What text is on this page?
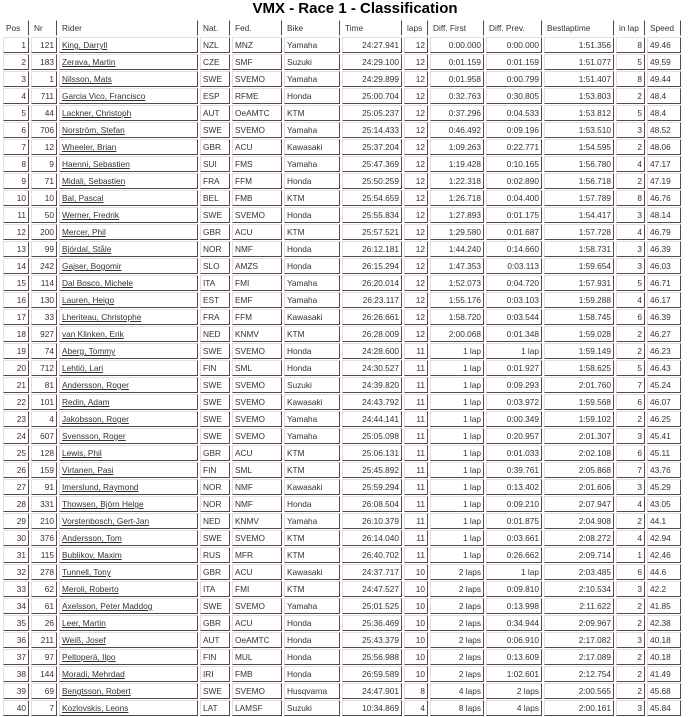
VMX - Race 1 - Classification
Pos	Nr	Rider	Nat.	Fed.	Bike	Time	laps	Diff. First	Diff. Prev.	Bestlaptime	in lap	Speed
1	121	King, Darryll	NZL	MNZ	Yamaha	24:27.941	12	0:00.000	0:00.000	1:51.356	8	49.46
2	183	Zerava, Martin	CZE	SMF	Suzuki	24:29.100	12	0:01.159	0:01.159	1:51.077	5	49.59
3	1	Nilsson, Mats	SWE	SVEMO	Yamaha	24:29.899	12	0:01.958	0:00.799	1:51.407	8	49.44
4	711	Garcia Vico, Francisco	ESP	RFME	Honda	25:00.704	12	0:32.763	0:30.805	1:53.803	2	48.4
5	44	Lackner, Christoph	AUT	OeAMTC	KTM	25:05.237	12	0:37.296	0:04.533	1:53.812	5	48.4
6	706	Norström, Stefan	SWE	SVEMO	Yamaha	25:14.433	12	0:46.492	0:09.196	1:53.510	3	48.52
7	12	Wheeler, Brian	GBR	ACU	Kawasaki	25:37.204	12	1:09.263	0:22.771	1:54.595	2	48.06
8	9	Haenni, Sebastien	SUI	FMS	Yamaha	25:47.369	12	1:19.428	0:10.165	1:56.780	4	47.17
9	71	Midali, Sebastien	FRA	FFM	Honda	25:50.259	12	1:22.318	0:02.890	1:56.718	2	47.19
10	10	Bal, Pascal	BEL	FMB	KTM	25:54.659	12	1:26.718	0:04.400	1:57.789	8	46.76
11	50	Werner, Fredrik	SWE	SVEMO	Honda	25:55.834	12	1:27.893	0:01.175	1:54.417	3	48.14
12	200	Mercer, Phil	GBR	ACU	KTM	25:57.521	12	1:29.580	0:01.687	1:57.728	4	46.79
13	99	Björdal, Ståle	NOR	NMF	Honda	26:12.181	12	1:44.240	0:14.660	1:58.731	3	46.39
14	242	Gajser, Bogomir	SLO	AMZS	Honda	26:15.294	12	1:47.353	0:03.113	1:59.654	3	46.03
15	114	Dal Bosco, Michele	ITA	FMI	Yamaha	26:20.014	12	1:52.073	0:04.720	1:57.931	5	46.71
16	130	Lauren, Heigo	EST	EMF	Yamaha	26:23.117	12	1:55.176	0:03.103	1:59.288	4	46.17
17	33	Lheriteau, Christophe	FRA	FFM	Kawasaki	26:26.661	12	1:58.720	0:03.544	1:58.745	6	46.39
18	927	van Klinken, Erik	NED	KNMV	KTM	26:28.009	12	2:00.068	0:01.348	1:59.028	2	46.27
19	74	Aberg, Tommy	SWE	SVEMO	Honda	24:28.600	11	1 lap	1 lap	1:59.149	2	46.23
20	712	Lehtiö, Lari	FIN	SML	Honda	24:30.527	11	1 lap	0:01.927	1:58.625	5	46.43
21	81	Andersson, Roger	SWE	SVEMO	Suzuki	24:39.820	11	1 lap	0:09.293	2:01.760	7	45.24
22	101	Redin, Adam	SWE	SVEMO	Kawasaki	24:43.792	11	1 lap	0:03.972	1:59.568	6	46.07
23	4	Jakobsson, Roger	SWE	SVEMO	Yamaha	24:44.141	11	1 lap	0:00.349	1:59.102	2	46.25
24	607	Svensson, Roger	SWE	SVEMO	Yamaha	25:05.098	11	1 lap	0:20.957	2:01.307	3	45.41
25	128	Lewis, Phil	GBR	ACU	KTM	25:06.131	11	1 lap	0:01.033	2:02.108	6	45.11
26	159	Virtanen, Pasi	FIN	SML	KTM	25:45.892	11	1 lap	0:39.761	2:05.868	7	43.76
27	91	Imerslund, Raymond	NOR	NMF	Kawasaki	25:59.294	11	1 lap	0:13.402	2:01.606	3	45.29
28	331	Thowsen, Björn Helge	NOR	NMF	Honda	26:08.504	11	1 lap	0:09.210	2:07.947	4	43.05
29	210	Vorstenbosch, Gert-Jan	NED	KNMV	Yamaha	26:10.379	11	1 lap	0:01.875	2:04.908	2	44.1
30	376	Andersson, Tom	SWE	SVEMO	KTM	26:14.040	11	1 lap	0:03.661	2:08.272	4	42.94
31	115	Bublikov, Maxim	RUS	MFR	KTM	26:40.702	11	1 lap	0:26.662	2:09.714	1	42.46
32	278	Tunnell, Tony	GBR	ACU	Kawasaki	24:37.717	10	2 laps	1 lap	2:03.485	6	44.6
33	62	Meroli, Roberto	ITA	FMI	KTM	24:47.527	10	2 laps	0:09.810	2:10.534	3	42.2
34	61	Axelsson, Peter Maddog	SWE	SVEMO	Yamaha	25:01.525	10	2 laps	0:13.998	2:11.622	2	41.85
35	26	Leer, Martin	GBR	ACU	Honda	25:36.469	10	2 laps	0:34.944	2:09.967	2	42.38
36	211	Weiß, Josef	AUT	OeAMTC	Honda	25:43.379	10	2 laps	0:06.910	2:17.082	3	40.18
37	97	Peltoperä, Ilpo	FIN	MUL	Honda	25:56.988	10	2 laps	0:13.609	2:17.089	2	40.18
38	144	Moradi, Mehrdad	IRI	FMB	Honda	26:59.589	10	2 laps	1:02.601	2:12.754	2	41.49
39	69	Bengtsson, Robert	SWE	SVEMO	Husqvarna	24:47.901	8	4 laps	2 laps	2:00.565	2	45.68
40	7	Kozlovskis, Leons	LAT	LAMSF	Suzuki	10:34.869	4	8 laps	4 laps	2:00.161	3	45.84
